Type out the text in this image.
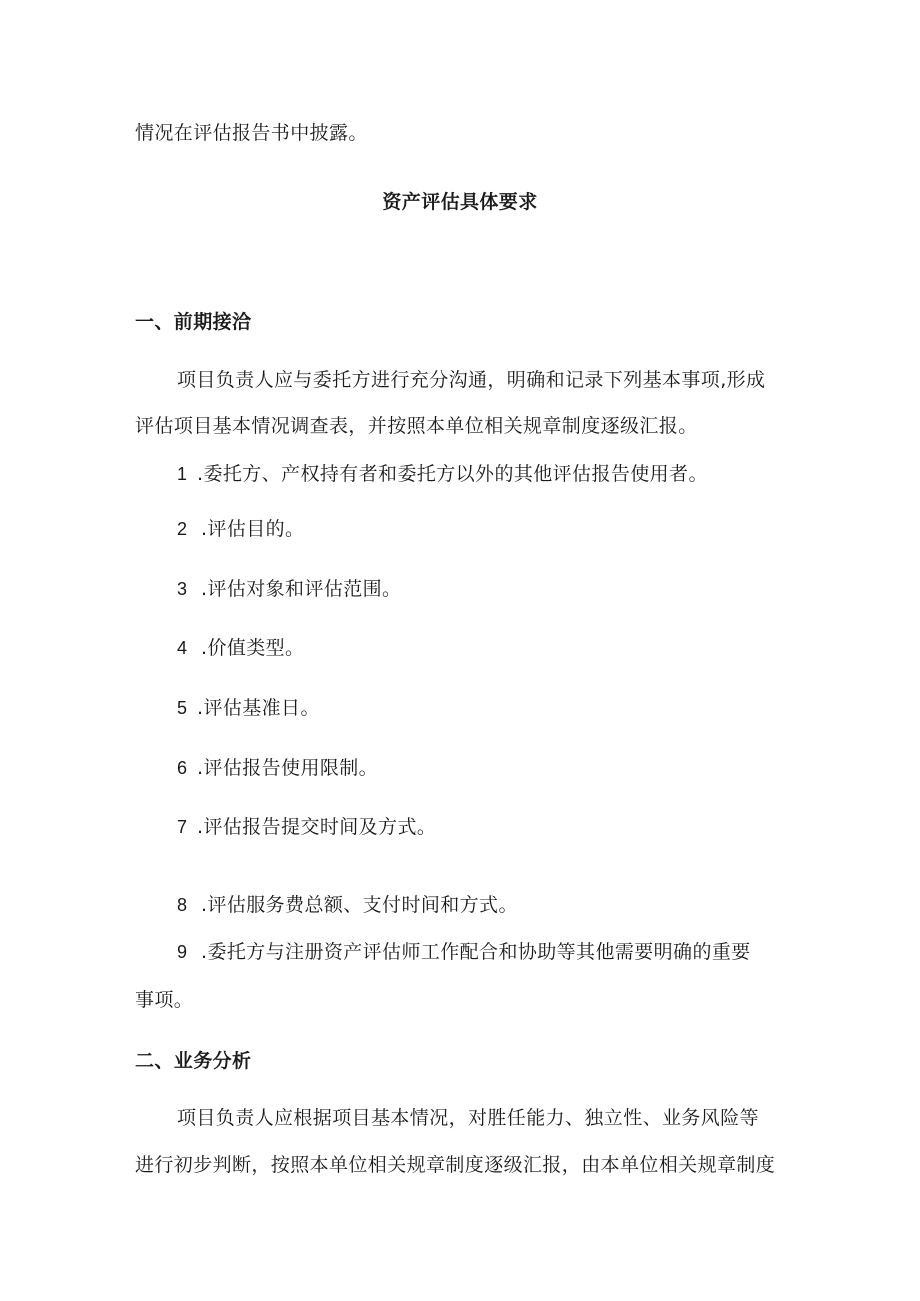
情况在评估报告书中披露。
资产评估具体要求
一、前期接洽
项目负责人应与委托方进行充分沟通，明确和记录下列基本事项,形成
评估项目基本情况调查表，并按照本单位相关规章制度逐级汇报。
1 .委托方、产权持有者和委托方以外的其他评估报告使用者。
2 .评估目的。
3 .评估对象和评估范围。
4 .价值类型。
5 .评估基准日。
6 .评估报告使用限制。
7 .评估报告提交时间及方式。
8 .评估服务费总额、支付时间和方式。
9 .委托方与注册资产评估师工作配合和协助等其他需要明确的重要
事项。
二、业务分析
项目负责人应根据项目基本情况，对胜任能力、独立性、业务风险等
进行初步判断，按照本单位相关规章制度逐级汇报，由本单位相关规章制度
